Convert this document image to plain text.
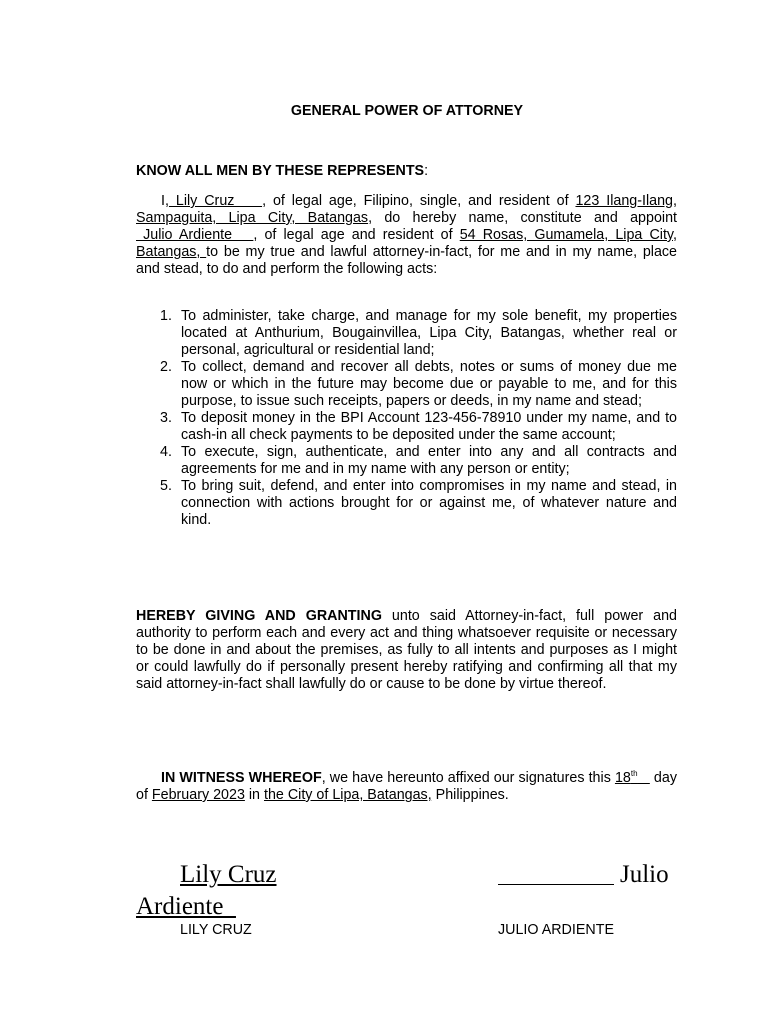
GENERAL POWER OF ATTORNEY
KNOW ALL MEN BY THESE REPRESENTS:
I, Lily Cruz    , of legal age, Filipino, single, and resident of 123 Ilang-Ilang, Sampaguita, Lipa City, Batangas, do hereby name, constitute and appoint  Julio Ardiente   , of legal age and resident of 54 Rosas, Gumamela, Lipa City, Batangas, to be my true and lawful attorney-in-fact, for me and in my name, place and stead, to do and perform the following acts:
1. To administer, take charge, and manage for my sole benefit, my properties located at Anthurium, Bougainvillea, Lipa City, Batangas, whether real or personal, agricultural or residential land;
2. To collect, demand and recover all debts, notes or sums of money due me now or which in the future may become due or payable to me, and for this purpose, to issue such receipts, papers or deeds, in my name and stead;
3. To deposit money in the BPI Account 123-456-78910 under my name, and to cash-in all check payments to be deposited under the same account;
4. To execute, sign, authenticate, and enter into any and all contracts and agreements for me and in my name with any person or entity;
5. To bring suit, defend, and enter into compromises in my name and stead, in connection with actions brought for or against me, of whatever nature and kind.
HEREBY GIVING AND GRANTING unto said Attorney-in-fact, full power and authority to perform each and every act and thing whatsoever requisite or necessary to be done in and about the premises, as fully to all intents and purposes as I might or could lawfully do if personally present hereby ratifying and confirming all that my said attorney-in-fact shall lawfully do or cause to be done by virtue thereof.
IN WITNESS WHEREOF, we have hereunto affixed our signatures this 18th    day of February 2023 in the City of Lipa, Batangas, Philippines.
Lily Cruz	Julio
Ardiente
LILY CRUZ	JULIO ARDIENTE
